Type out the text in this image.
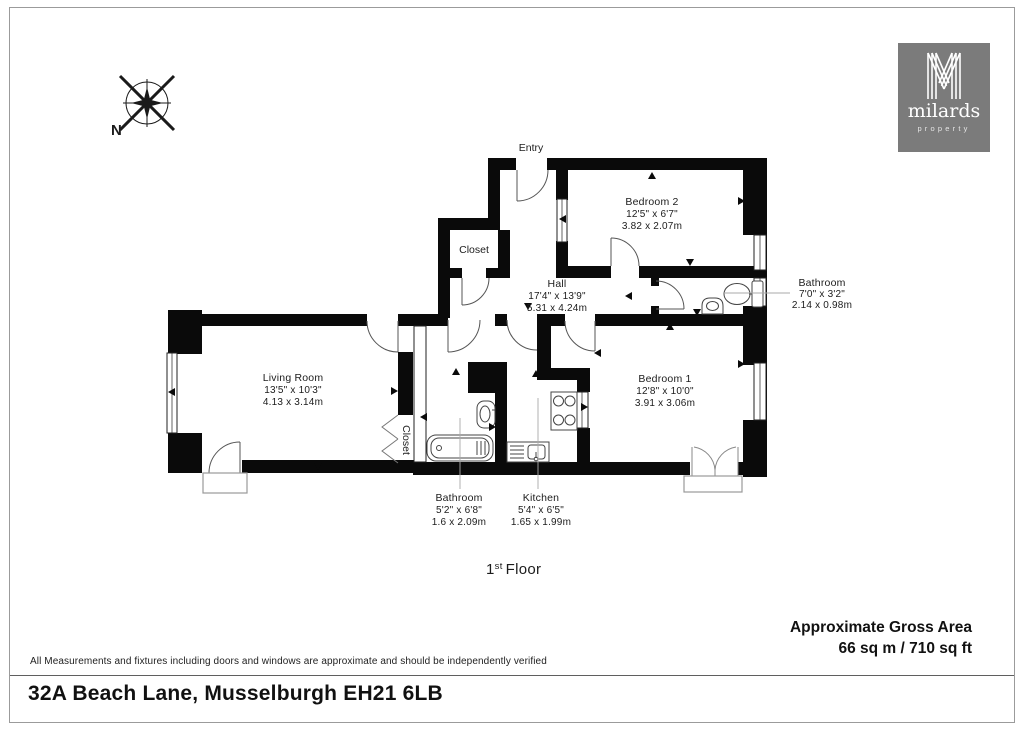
N
Bedroom 2
12'5" x 6'7"
3.82 x 2.07m
Hall
17'4" x 13'9"
5.31 x 4.24m
Bathroom
7'0" x 3'2"
2.14 x 0.98m
Living Room
13'5" x 10'3"
4.13 x 3.14m
Bedroom 1
12'8" x 10'0"
3.91 x 3.06m
Bathroom
5'2" x 6'8"
1.6 x 2.09m
Kitchen
5'4" x 6'5"
1.65 x 1.99m
Entry
Closet
Closet
1st Floor
milards
property
Approximate Gross Area
66 sq m / 710 sq ft
All Measurements and fixtures including doors and windows are approximate and should be independently verified
32A Beach Lane, Musselburgh EH21 6LB
